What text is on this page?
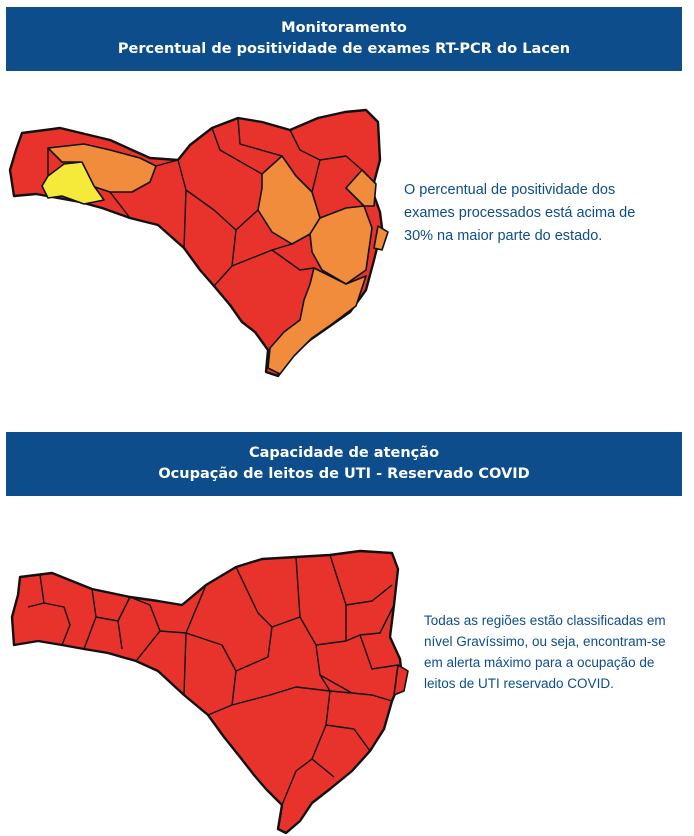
Monitoramento
Percentual de positividade de exames RT-PCR do Lacen
O percentual de positividade dos
exames processados está acima de
30% na maior parte do estado.
Capacidade de atenção
Ocupação de leitos de UTI - Reservado COVID
Todas as regiões estão classificadas em
nível Gravíssimo, ou seja, encontram-se
em alerta máximo para a ocupação de
leitos de UTI reservado COVID.
